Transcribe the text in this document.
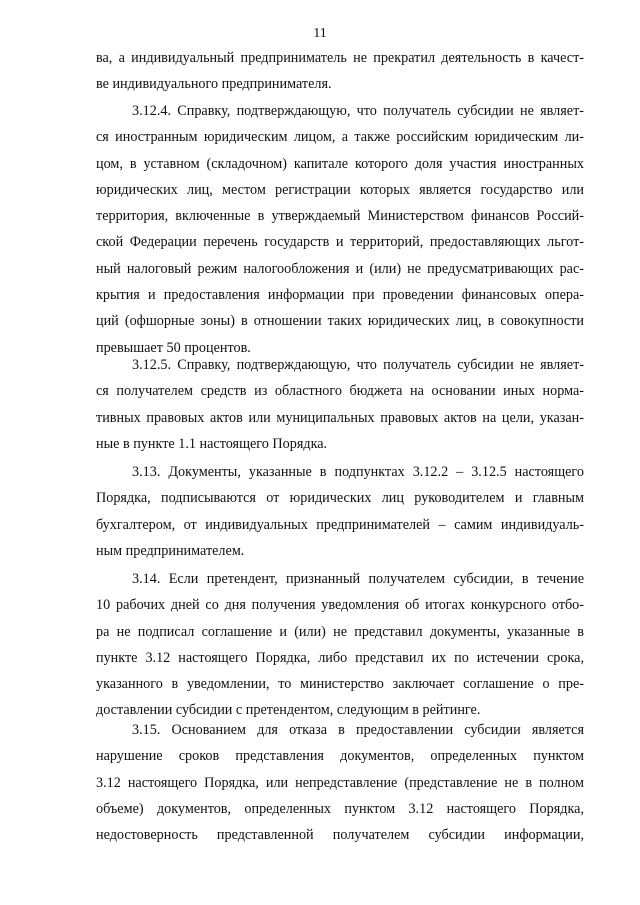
11
ва, а индивидуальный предприниматель не прекратил деятельность в качест-
ве индивидуального предпринимателя.
3.12.4. Справку, подтверждающую, что получатель субсидии не являет-
ся иностранным юридическим лицом, а также российским юридическим ли-
цом, в уставном (складочном) капитале которого доля участия иностранных
юридических лиц, местом регистрации которых является государство или
территория, включенные в утверждаемый Министерством финансов Россий-
ской Федерации перечень государств и территорий, предоставляющих льгот-
ный налоговый режим налогообложения и (или) не предусматривающих рас-
крытия и предоставления информации при проведении финансовых опера-
ций (офшорные зоны) в отношении таких юридических лиц, в совокупности
превышает 50 процентов.
3.12.5. Справку, подтверждающую, что получатель субсидии не являет-
ся получателем средств из областного бюджета на основании иных норма-
тивных правовых актов или муниципальных правовых актов на цели, указан-
ные в пункте 1.1 настоящего Порядка.
3.13. Документы, указанные в подпунктах 3.12.2 – 3.12.5 настоящего
Порядка, подписываются от юридических лиц руководителем и главным
бухгалтером, от индивидуальных предпринимателей – самим индивидуаль-
ным предпринимателем.
3.14. Если претендент, признанный получателем субсидии, в течение
10 рабочих дней со дня получения уведомления об итогах конкурсного отбо-
ра не подписал соглашение и (или) не представил документы, указанные в
пункте 3.12 настоящего Порядка, либо представил их по истечении срока,
указанного в уведомлении, то министерство заключает соглашение о пре-
доставлении субсидии с претендентом, следующим в рейтинге.
3.15. Основанием для отказа в предоставлении субсидии является
нарушение сроков представления документов, определенных пунктом
3.12 настоящего Порядка, или непредставление (представление не в полном
объеме) документов, определенных пунктом 3.12 настоящего Порядка,
недостоверность представленной получателем субсидии информации,
